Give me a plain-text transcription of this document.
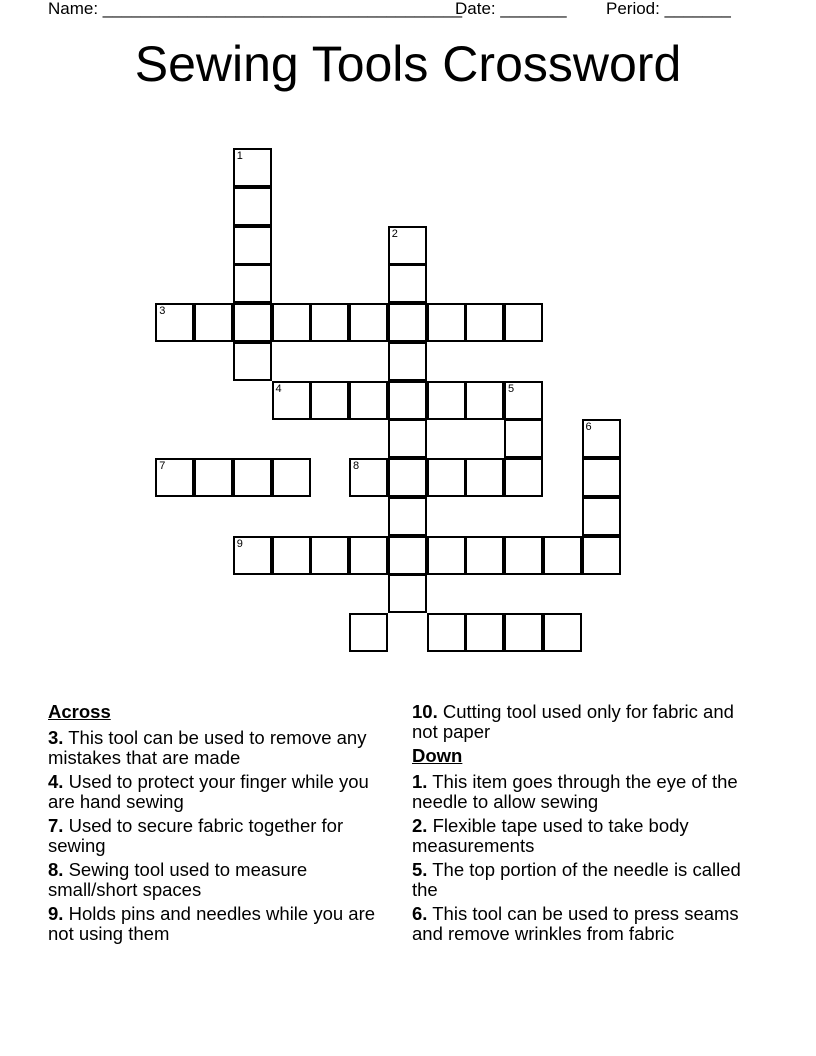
Name: ______________________________________
Date: _______ Period: _______
Sewing Tools Crossword
1
2
3
4	5
6
7	8
9
Across
3. This tool can be used to remove any mistakes that are made
4. Used to protect your finger while you are hand sewing
7. Used to secure fabric together for sewing
8. Sewing tool used to measure small/short spaces
9. Holds pins and needles while you are not using them
10. Cutting tool used only for fabric and not paper
Down
1. This item goes through the eye of the needle to allow sewing
2. Flexible tape used to take body measurements
5. The top portion of the needle is called the
6. This tool can be used to press seams and remove wrinkles from fabric
